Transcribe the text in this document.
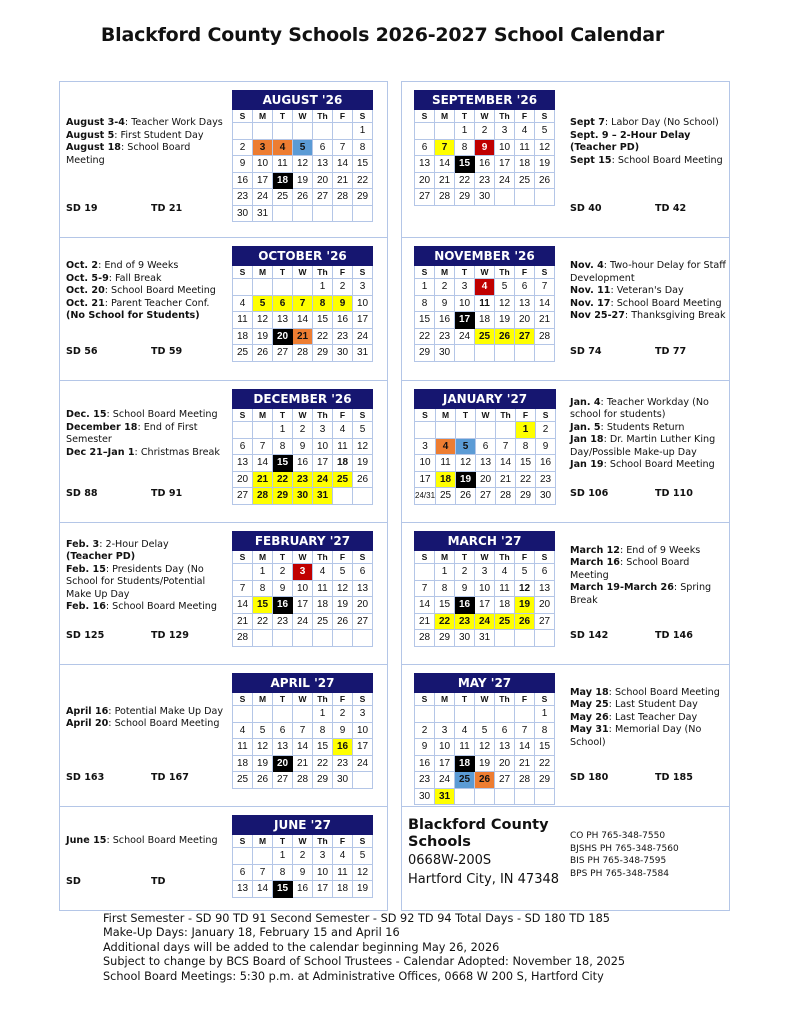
Blackford County Schools 2026-2027 School Calendar
AUGUST '26						
S	M	T	W	Th	F	S
						1
2	3	4	5	6	7	8
9	10	11	12	13	14	15
16	17	18	19	20	21	22
23	24	25	26	27	28	29
30	31					
August 3-4: Teacher Work Days
August 5: First Student Day
August 18: School Board Meeting
SD 19	TD 21
OCTOBER '26						
S	M	T	W	Th	F	S
				1	2	3
4	5	6	7	8	9	10
11	12	13	14	15	16	17
18	19	20	21	22	23	24
25	26	27	28	29	30	31
Oct. 2: End of 9 Weeks
Oct. 5-9: Fall Break
Oct. 20: School Board Meeting
Oct. 21: Parent Teacher Conf.
(No School for Students)
SD 56	TD 59
DECEMBER '26						
S	M	T	W	Th	F	S
		1	2	3	4	5
6	7	8	9	10	11	12
13	14	15	16	17	18	19
20	21	22	23	24	25	26
27	28	29	30	31		
Dec. 15: School Board Meeting
December 18: End of First Semester
Dec 21–Jan 1: Christmas Break
SD 88	TD 91
FEBRUARY '27						
S	M	T	W	Th	F	S
	1	2	3	4	5	6
7	8	9	10	11	12	13
14	15	16	17	18	19	20
21	22	23	24	25	26	27
28						
Feb. 3: 2-Hour Delay
(Teacher PD)
Feb. 15: Presidents Day (No School for Students/Potential Make Up Day
Feb. 16: School Board Meeting
SD 125	TD 129
APRIL '27						
S	M	T	W	Th	F	S
				1	2	3
4	5	6	7	8	9	10
11	12	13	14	15	16	17
18	19	20	21	22	23	24
25	26	27	28	29	30	
April 16: Potential Make Up Day
April 20: School Board Meeting
SD 163	TD 167
JUNE '27						
S	M	T	W	Th	F	S
		1	2	3	4	5
6	7	8	9	10	11	12
13	14	15	16	17	18	19
June 15: School Board Meeting
SD	TD
SEPTEMBER '26						
S	M	T	W	Th	F	S
		1	2	3	4	5
6	7	8	9	10	11	12
13	14	15	16	17	18	19
20	21	22	23	24	25	26
27	28	29	30			
Sept 7: Labor Day (No School)
Sept. 9 – 2-Hour Delay (Teacher PD)
Sept 15: School Board Meeting
SD 40	TD 42
NOVEMBER '26						
S	M	T	W	Th	F	S
1	2	3	4	5	6	7
8	9	10	11	12	13	14
15	16	17	18	19	20	21
22	23	24	25	26	27	28
29	30					
Nov. 4: Two-hour Delay for Staff Development
Nov. 11: Veteran's Day
Nov. 17: School Board Meeting
Nov 25-27: Thanksgiving Break
SD 74	TD 77
JANUARY '27						
S	M	T	W	Th	F	S
					1	2
3	4	5	6	7	8	9
10	11	12	13	14	15	16
17	18	19	20	21	22	23
24/31	25	26	27	28	29	30
Jan. 4: Teacher Workday (No school for students)
Jan. 5: Students Return
Jan 18: Dr. Martin Luther King Day/Possible Make-up Day
Jan 19: School Board Meeting
SD 106	TD 110
MARCH '27						
S	M	T	W	Th	F	S
	1	2	3	4	5	6
7	8	9	10	11	12	13
14	15	16	17	18	19	20
21	22	23	24	25	26	27
28	29	30	31			
March 12: End of 9 Weeks
March 16: School Board Meeting
March 19-March 26: Spring Break
SD 142	TD 146
MAY '27						
S	M	T	W	Th	F	S
						1
2	3	4	5	6	7	8
9	10	11	12	13	14	15
16	17	18	19	20	21	22
23	24	25	26	27	28	29
30	31					
May 18: School Board Meeting
May 25: Last Student Day
May 26: Last Teacher Day
May 31: Memorial Day (No School)
SD 180	TD 185
Blackford County Schools
0668W-200S
Hartford City, IN 47348
CO PH 765-348-7550
BJSHS PH 765-348-7560
BIS PH 765-348-7595
BPS PH 765-348-7584
First Semester - SD 90 TD 91 Second Semester - SD 92 TD 94 Total Days - SD 180 TD 185
Make-Up Days: January 18, February 15 and April 16
Additional days will be added to the calendar beginning May 26, 2026
Subject to change by BCS Board of School Trustees - Calendar Adopted: November 18, 2025
School Board Meetings: 5:30 p.m. at Administrative Offices, 0668 W 200 S, Hartford City
